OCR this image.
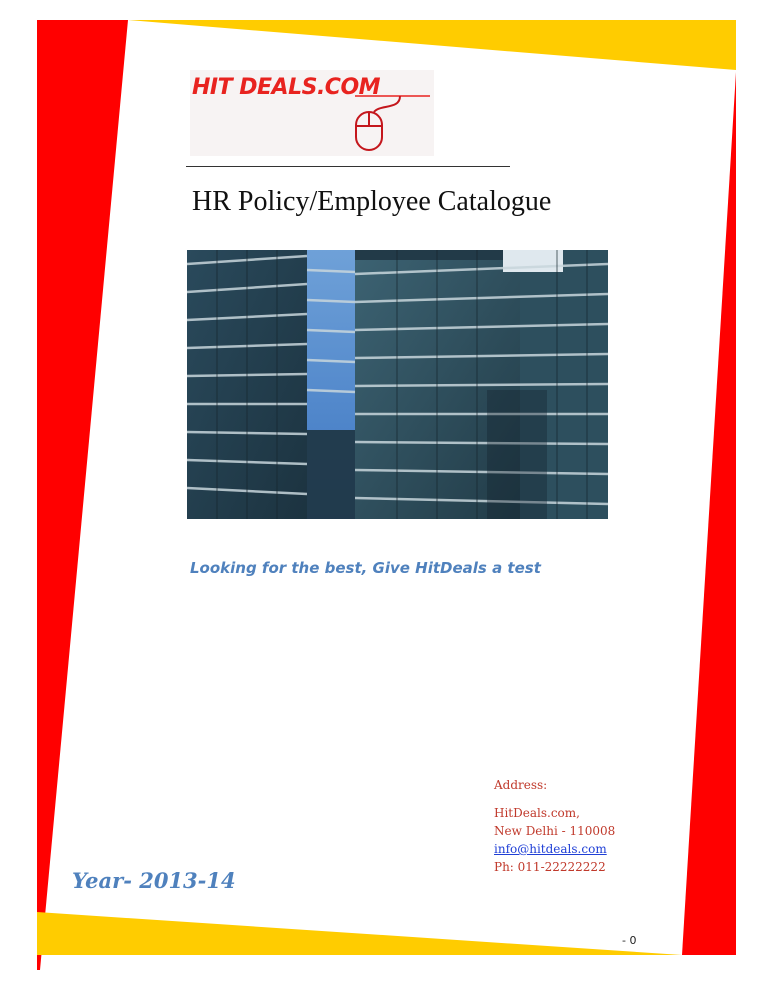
HIT DEALS.COM
HR Policy/Employee Catalogue
Looking for the best, Give HitDeals a test
Address:
HitDeals.com,
New Delhi - 110008
info@hitdeals.com
Ph: 011-22222222
Year- 2013-14
- 0
